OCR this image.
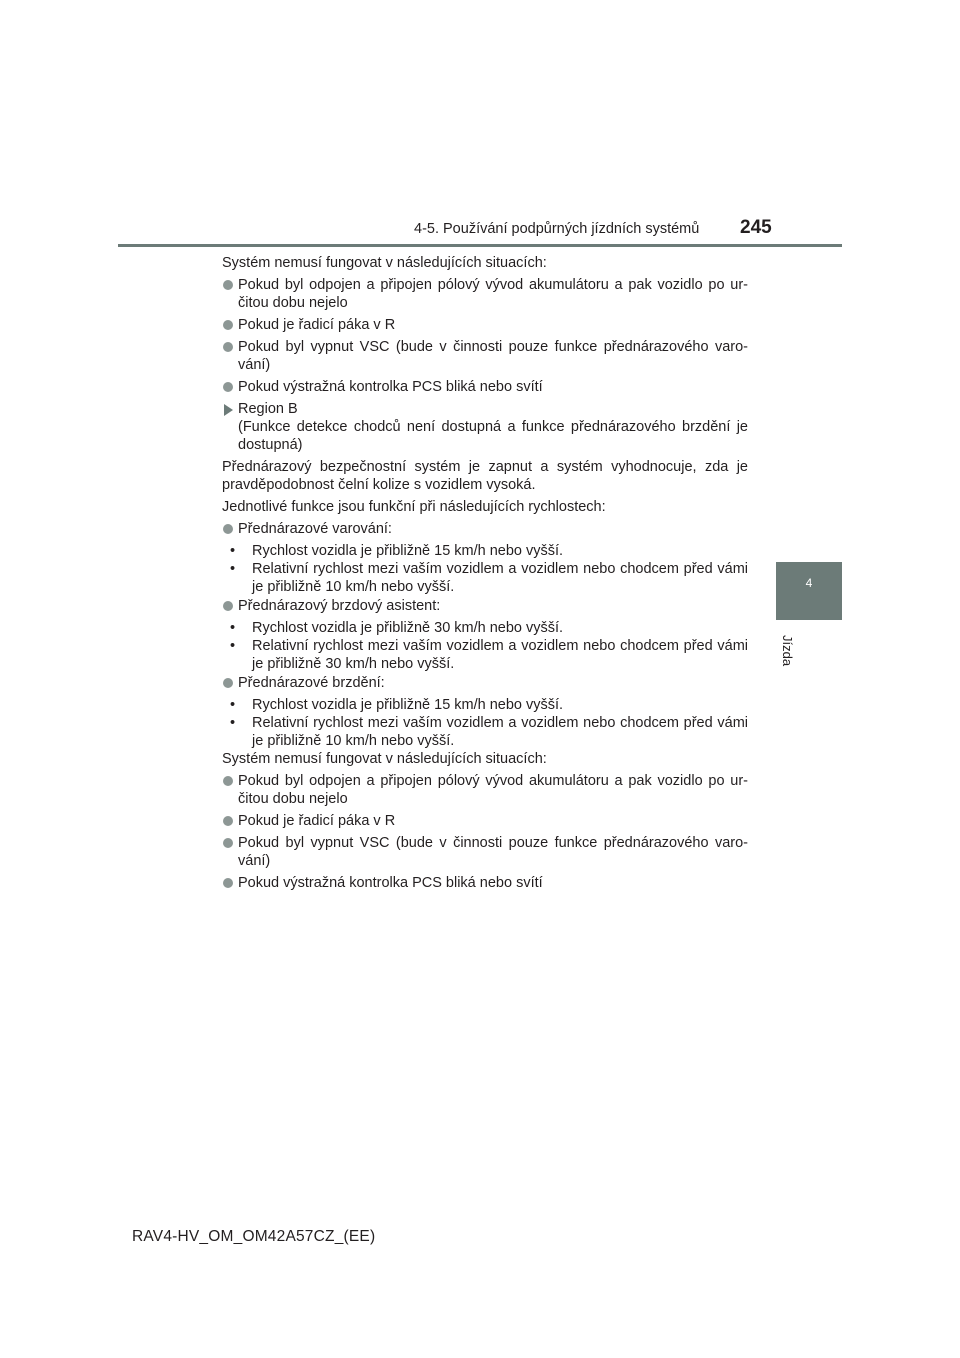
4-5. Používání podpůrných jízdních systémů 245
4
Jízda

Systém nemusí fungovat v následujících situacích:

Pokud byl odpojen a připojen pólový vývod akumulátoru a pak vozidlo po ur-čitou dobu nejelo
Pokud je řadicí páka v R
Pokud byl vypnut VSC (bude v činnosti pouze funkce přednárazového varo-vání)
Pokud výstražná kontrolka PCS bliká nebo svítí
Region B
(Funkce detekce chodců není dostupná a funkce přednárazového brzdění je dostupná)

Přednárazový bezpečnostní systém je zapnut a systém vyhodnocuje, zda je pravděpodobnost čelní kolize s vozidlem vysoká.

Jednotlivé funkce jsou funkční při následujících rychlostech:

Přednárazové varování:
• Rychlost vozidla je přibližně 15 km/h nebo vyšší.
• Relativní rychlost mezi vaším vozidlem a vozidlem nebo chodcem před vámi je přibližně 10 km/h nebo vyšší.
Přednárazový brzdový asistent:
• Rychlost vozidla je přibližně 30 km/h nebo vyšší.
• Relativní rychlost mezi vaším vozidlem a vozidlem nebo chodcem před vámi je přibližně 30 km/h nebo vyšší.
Přednárazové brzdění:
• Rychlost vozidla je přibližně 15 km/h nebo vyšší.
• Relativní rychlost mezi vaším vozidlem a vozidlem nebo chodcem před vámi je přibližně 10 km/h nebo vyšší.

Systém nemusí fungovat v následujících situacích:

Pokud byl odpojen a připojen pólový vývod akumulátoru a pak vozidlo po ur-čitou dobu nejelo
Pokud je řadicí páka v R
Pokud byl vypnut VSC (bude v činnosti pouze funkce přednárazového varo-vání)
Pokud výstražná kontrolka PCS bliká nebo svítí
RAV4-HV_OM_OM42A57CZ_(EE)
